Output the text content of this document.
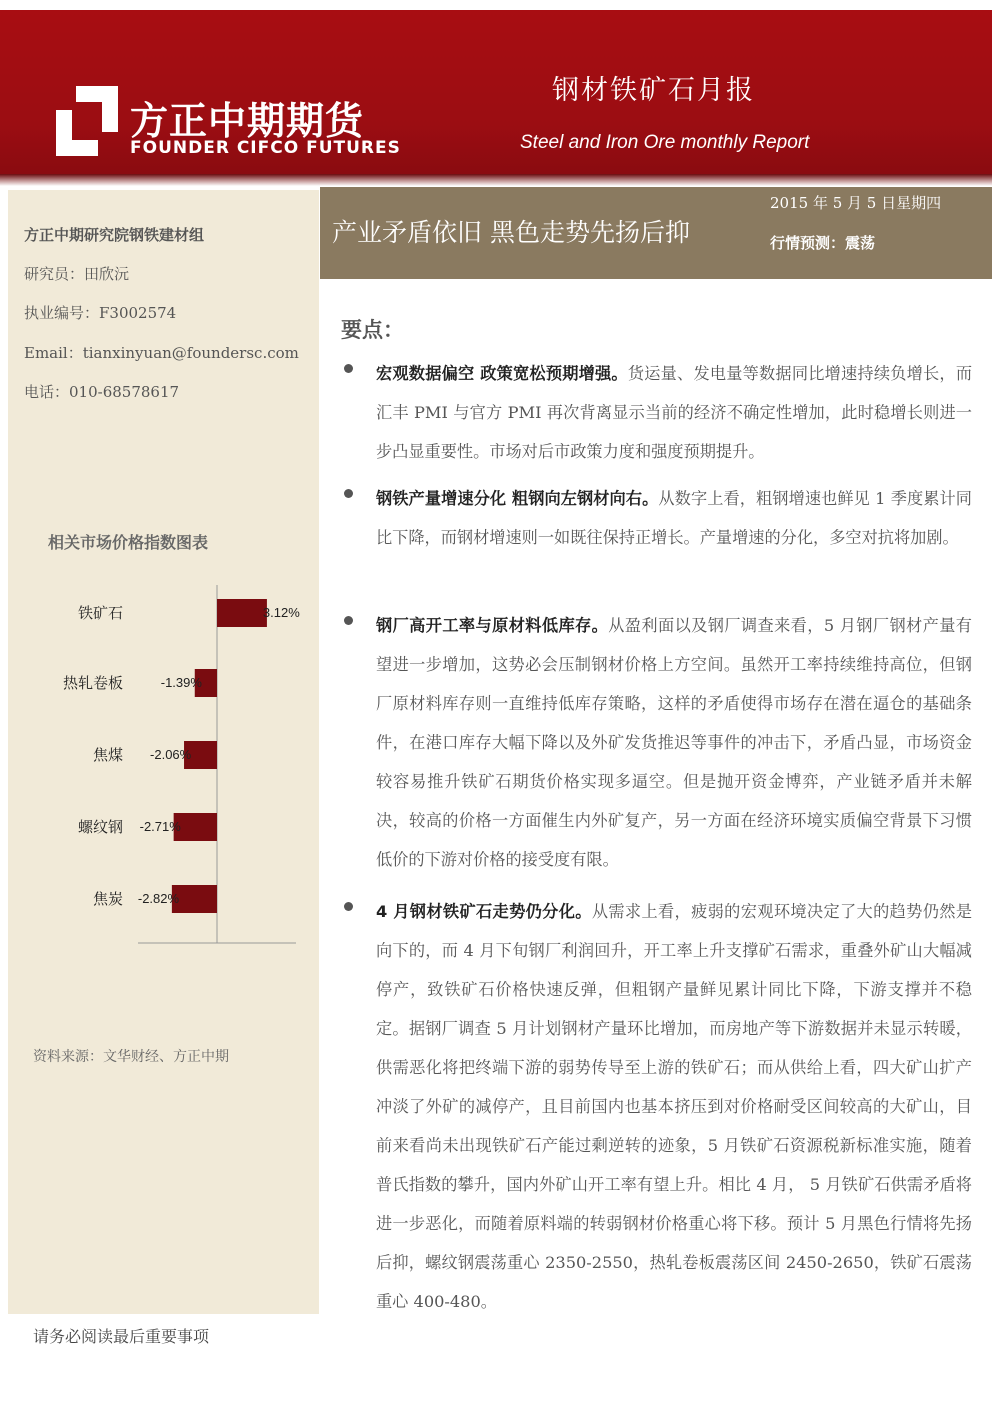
方正中期期货
FOUNDER CIFCO FUTURES
钢材铁矿石月报
Steel and Iron Ore monthly Report
方正中期研究院钢铁建材组
研究员：田欣沅
执业编号：F3002574
Email：tianxinyuan@foundersc.com
电话：010-68578617
相关市场价格指数图表
铁矿石	3.12%
热轧卷板	-1.39%
焦煤 -2.06%
螺纹钢 -2.71%
焦炭 -2.82%
资料来源：文华财经、方正中期
请务必阅读最后重要事项
产业矛盾依旧 黑色走势先扬后抑
2015 年 5 月 5 日星期四
行情预测：震荡
要点：

宏观数据偏空 政策宽松预期增强。货运量、发电量等数据同比增速持续负增长，而汇丰 PMI 与官方 PMI 再次背离显示当前的经济不确定性增加，此时稳增长则进一步凸显重要性。市场对后市政策力度和强度预期提升。

钢铁产量增速分化 粗钢向左钢材向右。从数字上看，粗钢增速也鲜见 1 季度累计同比下降，而钢材增速则一如既往保持正增长。产量增速的分化，多空对抗将加剧。

钢厂高开工率与原材料低库存。从盈利面以及钢厂调查来看，5 月钢厂钢材产量有望进一步增加，这势必会压制钢材价格上方空间。虽然开工率持续维持高位，但钢厂原材料库存则一直维持低库存策略，这样的矛盾使得市场存在潜在逼仓的基础条件，在港口库存大幅下降以及外矿发货推迟等事件的冲击下，矛盾凸显，市场资金较容易推升铁矿石期货价格实现多逼空。但是抛开资金博弈，产业链矛盾并未解决，较高的价格一方面催生内外矿复产，另一方面在经济环境实质偏空背景下习惯低价的下游对价格的接受度有限。

4 月钢材铁矿石走势仍分化。从需求上看，疲弱的宏观环境决定了大的趋势仍然是向下的，而 4 月下旬钢厂利润回升，开工率上升支撑矿石需求，重叠外矿山大幅减停产，致铁矿石价格快速反弹，但粗钢产量鲜见累计同比下降，下游支撑并不稳定。据钢厂调查 5 月计划钢材产量环比增加，而房地产等下游数据并未显示转暖，供需恶化将把终端下游的弱势传导至上游的铁矿石；而从供给上看，四大矿山扩产冲淡了外矿的减停产，且目前国内也基本挤压到对价格耐受区间较高的大矿山，目前来看尚未出现铁矿石产能过剩逆转的迹象，5 月铁矿石资源税新标准实施，随着普氏指数的攀升，国内外矿山开工率有望上升。相比 4 月， 5 月铁矿石供需矛盾将进一步恶化，而随着原料端的转弱钢材价格重心将下移。预计 5 月黑色行情将先扬后抑，螺纹钢震荡重心 2350-2550，热轧卷板震荡区间 2450-2650，铁矿石震荡重心 400-480。
